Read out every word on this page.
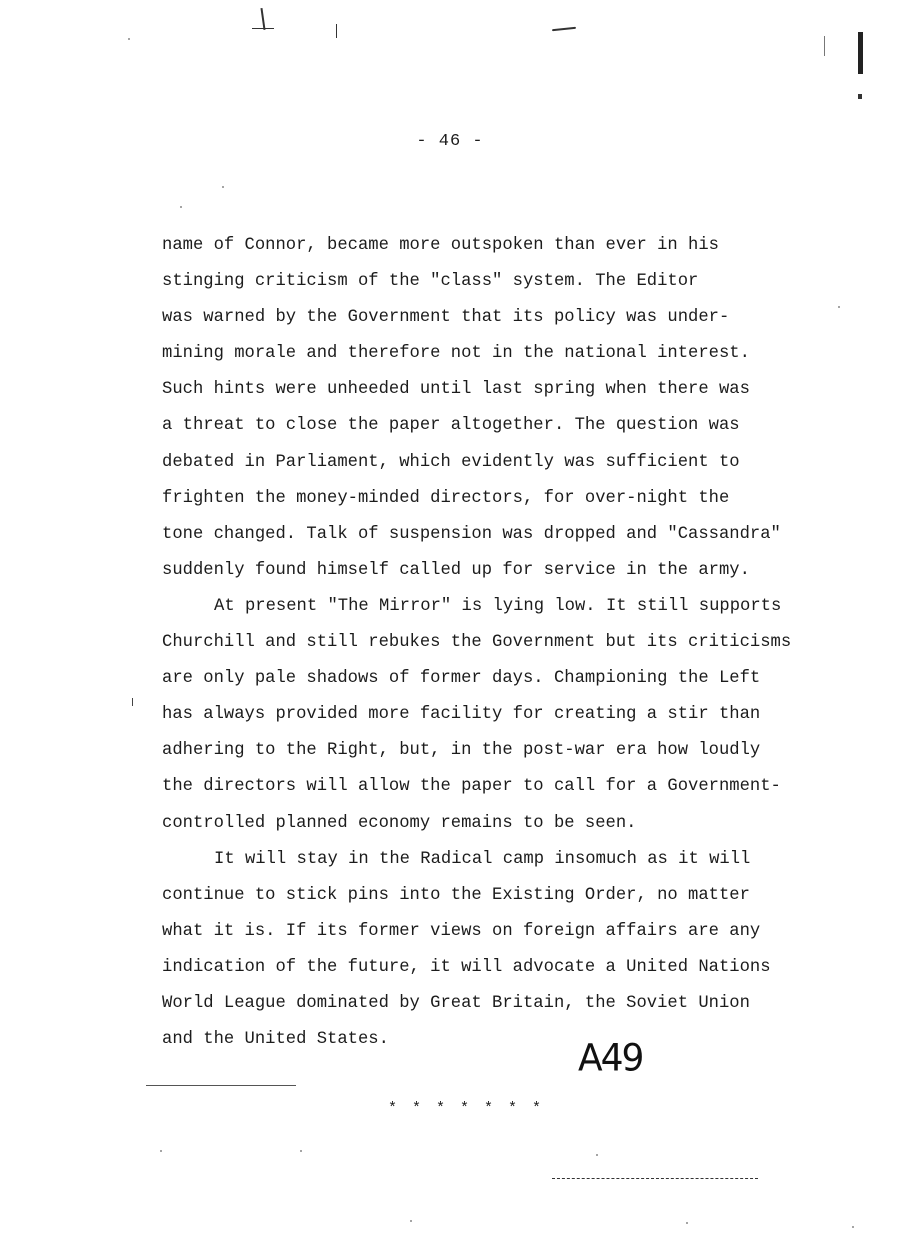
- 46 -
name of Connor, became more outspoken than ever in his
stinging criticism of the "class" system. The Editor
was warned by the Government that its policy was under-
mining morale and therefore not in the national interest.
Such hints were unheeded until last spring when there was
a threat to close the paper altogether. The question was
debated in Parliament, which evidently was sufficient to
frighten the money-minded directors, for over-night the
tone changed. Talk of suspension was dropped and "Cassandra"
suddenly found himself called up for service in the army.
At present "The Mirror" is lying low. It still supports
Churchill and still rebukes the Government but its criticisms
are only pale shadows of former days. Championing the Left
has always provided more facility for creating a stir than
adhering to the Right, but, in the post-war era how loudly
the directors will allow the paper to call for a Government-
controlled planned economy remains to be seen.
It will stay in the Radical camp insomuch as it will
continue to stick pins into the Existing Order, no matter
what it is. If its former views on foreign affairs are any
indication of the future, it will advocate a United Nations
World League dominated by Great Britain, the Soviet Union
and the United States.	A49
* * * * * * *
